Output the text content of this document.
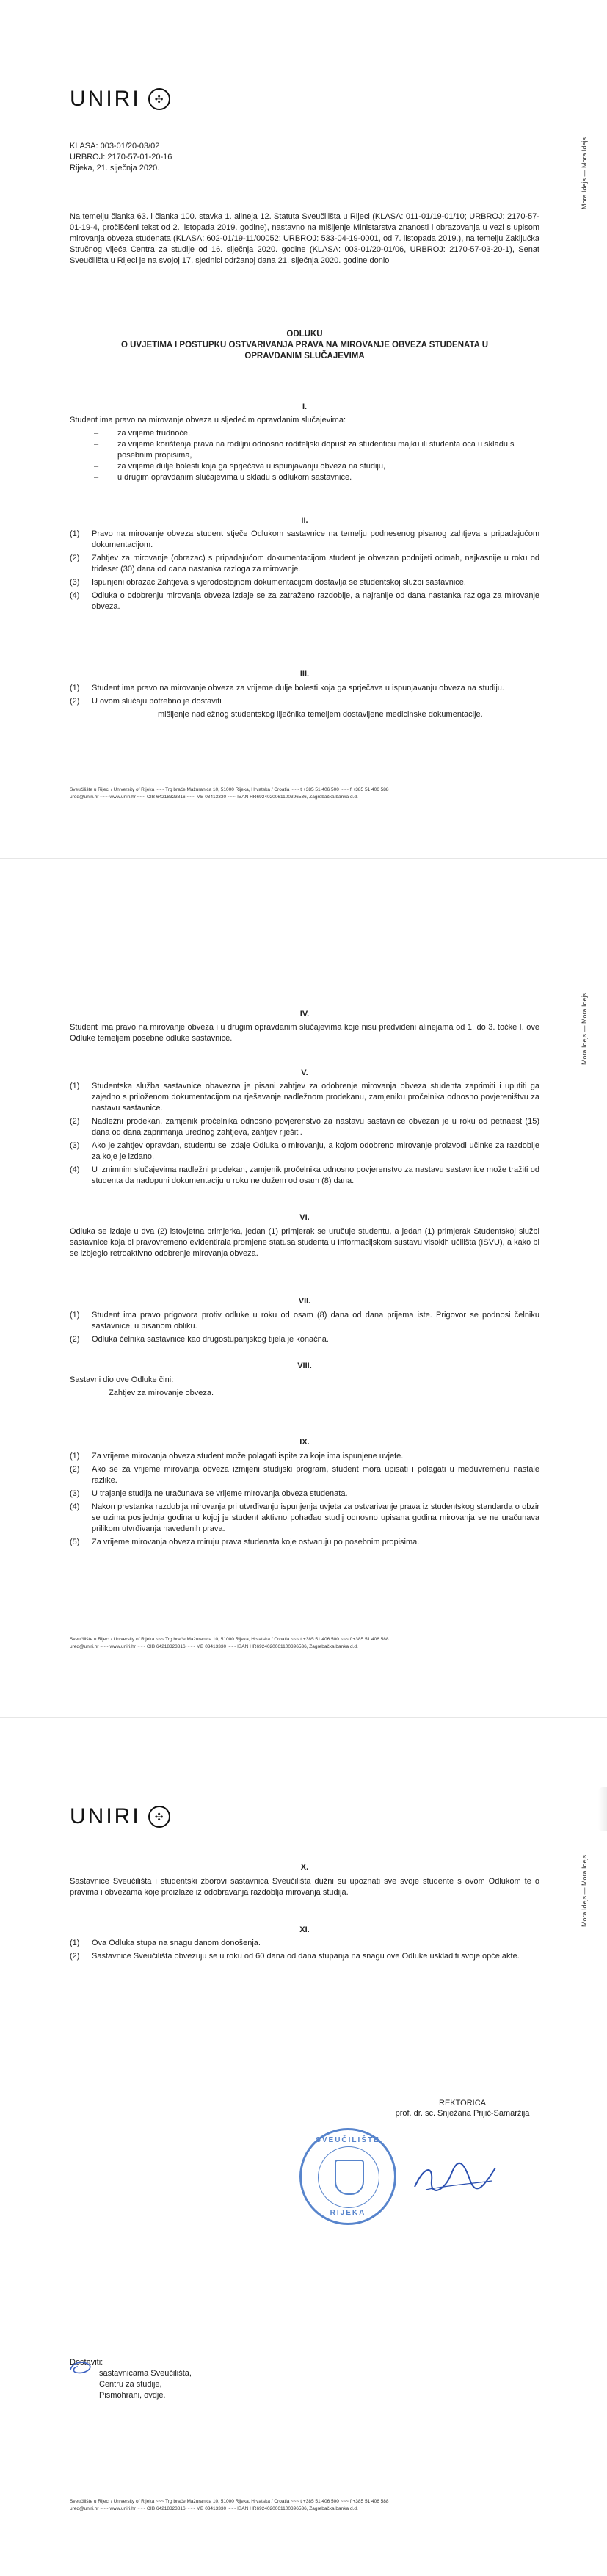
UNIRI	✣
Mora Idejs — Mora Idejs
KLASA: 003-01/20-03/02
URBROJ: 2170-57-01-20-16
Rijeka, 21. siječnja 2020.
Na temelju članka 63. i članka 100. stavka 1. alineja 12. Statuta Sveučilišta u Rijeci (KLASA: 011-01/19-01/10; URBROJ: 2170-57-01-19-4, pročišćeni tekst od 2. listopada 2019. godine), nastavno na mišljenje Ministarstva znanosti i obrazovanja u vezi s upisom mirovanja obveza studenata (KLASA: 602-01/19-11/00052; URBROJ: 533-04-19-0001, od 7. listopada 2019.), na temelju Zaključka Stručnog vijeća Centra za studije od 16. siječnja 2020. godine (KLASA: 003-01/20-01/06, URBROJ: 2170-57-03-20-1), Senat Sveučilišta u Rijeci je na svojoj 17. sjednici održanoj dana 21. siječnja 2020. godine donio
ODLUKU
O UVJETIMA I POSTUPKU OSTVARIVANJA PRAVA NA MIROVANJE OBVEZA STUDENATA U
OPRAVDANIM SLUČAJEVIMA
I.
Student ima pravo na mirovanje obveza u sljedećim opravdanim slučajevima:
–	za vrijeme trudnoće,
–	za vrijeme korištenja prava na rodiljni odnosno roditeljski dopust za studenticu majku ili studenta oca u skladu s posebnim propisima,
–	za vrijeme dulje bolesti koja ga sprječava u ispunjavanju obveza na studiju,
–	u drugim opravdanim slučajevima u skladu s odlukom sastavnice.
II.
(1)	Pravo na mirovanje obveza student stječe Odlukom sastavnice na temelju podnesenog pisanog zahtjeva s pripadajućom dokumentacijom.
(2)	Zahtjev za mirovanje (obrazac) s pripadajućom dokumentacijom student je obvezan podnijeti odmah, najkasnije u roku od trideset (30) dana od dana nastanka razloga za mirovanje.
(3)	Ispunjeni obrazac Zahtjeva s vjerodostojnom dokumentacijom dostavlja se studentskoj službi sastavnice.
(4)	Odluka o odobrenju mirovanja obveza izdaje se za zatraženo razdoblje, a najranije od dana nastanka razloga za mirovanje obveza.
III.
(1)	Student ima pravo na mirovanje obveza za vrijeme dulje bolesti koja ga sprječava u ispunjavanju obveza na studiju.
(2)	U ovom slučaju potrebno je dostaviti
mišljenje nadležnog studentskog liječnika temeljem dostavljene medicinske dokumentacije.
Sveučilište u Rijeci / University of Rijeka ~~~ Trg braće Mažuranića 10, 51000 Rijeka, Hrvatska / Croatia ~~~ t +385 51 406 500 ~~~ f +385 51 406 588
ured@uniri.hr ~~~ www.uniri.hr ~~~ OIB 64218323816 ~~~ MB 03413330 ~~~ IBAN HR6924020061100396536, Zagrebačka banka d.d.
Mora Idejs — Mora Idejs
IV.
Student ima pravo na mirovanje obveza i u drugim opravdanim slučajevima koje nisu predviđeni alinejama od 1. do 3. točke I. ove Odluke temeljem posebne odluke sastavnice.
V.
(1)	Studentska služba sastavnice obavezna je pisani zahtjev za odobrenje mirovanja obveza studenta zaprimiti i uputiti ga zajedno s priloženom dokumentacijom na rješavanje nadležnom prodekanu, zamjeniku pročelnika odnosno povjereništvu za nastavu sastavnice.
(2)	Nadležni prodekan, zamjenik pročelnika odnosno povjerenstvo za nastavu sastavnice obvezan je u roku od petnaest (15) dana od dana zaprimanja urednog zahtjeva, zahtjev riješiti.
(3)	Ako je zahtjev opravdan, studentu se izdaje Odluka o mirovanju, a kojom odobreno mirovanje proizvodi učinke za razdoblje za koje je izdano.
(4)	U iznimnim slučajevima nadležni prodekan, zamjenik pročelnika odnosno povjerenstvo za nastavu sastavnice može tražiti od studenta da nadopuni dokumentaciju u roku ne dužem od osam (8) dana.
VI.
Odluka se izdaje u dva (2) istovjetna primjerka, jedan (1) primjerak se uručuje studentu, a jedan (1) primjerak Studentskoj službi sastavnice koja bi pravovremeno evidentirala promjene statusa studenta u Informacijskom sustavu visokih učilišta (ISVU), a kako bi se izbjeglo retroaktivno odobrenje mirovanja obveza.
VII.
(1)	Student ima pravo prigovora protiv odluke u roku od osam (8) dana od dana prijema iste. Prigovor se podnosi čelniku sastavnice, u pisanom obliku.
(2)	Odluka čelnika sastavnice kao drugostupanjskog tijela je konačna.
VIII.
Sastavni dio ove Odluke čini:
Zahtjev za mirovanje obveza.
IX.
(1)	Za vrijeme mirovanja obveza student može polagati ispite za koje ima ispunjene uvjete.
(2)	Ako se za vrijeme mirovanja obveza izmijeni studijski program, student mora upisati i polagati u međuvremenu nastale razlike.
(3)	U trajanje studija ne uračunava se vrijeme mirovanja obveza studenata.
(4)	Nakon prestanka razdoblja mirovanja pri utvrđivanju ispunjenja uvjeta za ostvarivanje prava iz studentskog standarda o obzir se uzima posljednja godina u kojoj je student aktivno pohađao studij odnosno upisana godina mirovanja se ne uračunava prilikom utvrđivanja navedenih prava.
(5)	Za vrijeme mirovanja obveza miruju prava studenata koje ostvaruju po posebnim propisima.
Sveučilište u Rijeci / University of Rijeka ~~~ Trg braće Mažuranića 10, 51000 Rijeka, Hrvatska / Croatia ~~~ t +385 51 406 500 ~~~ f +385 51 406 588
ured@uniri.hr ~~~ www.uniri.hr ~~~ OIB 64218323816 ~~~ MB 03413330 ~~~ IBAN HR6924020061100396536, Zagrebačka banka d.d.
UNIRI	✣
Mora Idejs — Mora Idejs
X.
Sastavnice Sveučilišta i studentski zborovi sastavnica Sveučilišta dužni su upoznati sve svoje studente s ovom Odlukom te o pravima i obvezama koje proizlaze iz odobravanja razdoblja mirovanja studija.
XI.
(1)	Ova Odluka stupa na snagu danom donošenja.
(2)	Sastavnice Sveučilišta obvezuju se u roku od 60 dana od dana stupanja na snagu ove Odluke uskladiti svoje opće akte.
REKTORICA
prof. dr. sc. Snježana Prijić-Samaržija
Dostaviti:
sastavnicama Sveučilišta,
Centru za studije,
Pismohrani, ovdje.
Sveučilište u Rijeci / University of Rijeka ~~~ Trg braće Mažuranića 10, 51000 Rijeka, Hrvatska / Croatia ~~~ t +385 51 406 500 ~~~ f +385 51 406 588
ured@uniri.hr ~~~ www.uniri.hr ~~~ OIB 64218323816 ~~~ MB 03413330 ~~~ IBAN HR6924020061100396536, Zagrebačka banka d.d.
SVEUČILIŠTE
RIJEKA
